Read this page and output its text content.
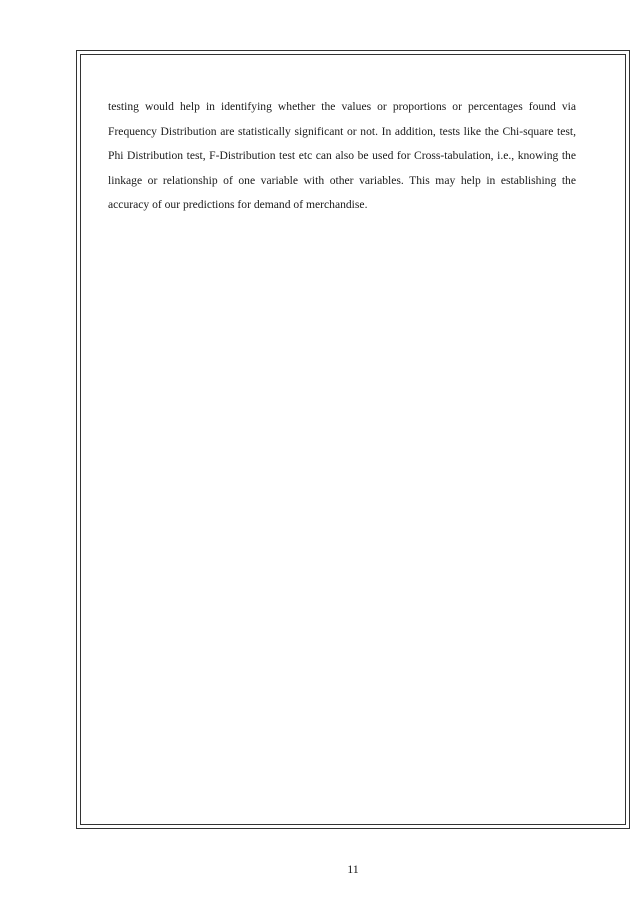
testing would help in identifying whether the values or proportions or percentages found via Frequency Distribution are statistically significant or not. In addition, tests like the Chi-square test, Phi Distribution test, F-Distribution test etc can also be used for Cross-tabulation, i.e., knowing the linkage or relationship of one variable with other variables. This may help in establishing the accuracy of our predictions for demand of merchandise.

11
